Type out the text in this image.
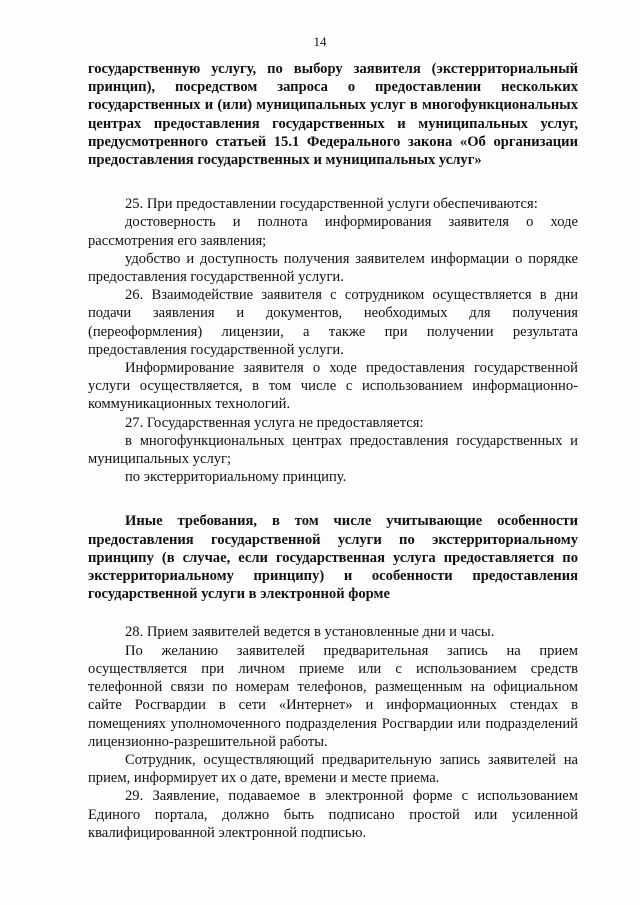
14

государственную услугу, по выбору заявителя (экстерриториальный принцип), посредством запроса о предоставлении нескольких государственных и (или) муниципальных услуг в многофункциональных центрах предоставления государственных и муниципальных услуг, предусмотренного статьей 15.1 Федерального закона «Об организации предоставления государственных и муниципальных услуг»

25. При предоставлении государственной услуги обеспечиваются:

достоверность и полнота информирования заявителя о ходе рассмотрения его заявления;

удобство и доступность получения заявителем информации о порядке предоставления государственной услуги.

26. Взаимодействие заявителя с сотрудником осуществляется в дни подачи заявления и документов, необходимых для получения (переоформления) лицензии, а также при получении результата предоставления государственной услуги.

Информирование заявителя о ходе предоставления государственной услуги осуществляется, в том числе с использованием информационно-коммуникационных технологий.

27. Государственная услуга не предоставляется:

в многофункциональных центрах предоставления государственных и муниципальных услуг;

по экстерриториальному принципу.

Иные требования, в том числе учитывающие особенности предоставления государственной услуги по экстерриториальному принципу (в случае, если государственная услуга предоставляется по экстерриториальному принципу) и особенности предоставления государственной услуги в электронной форме

28. Прием заявителей ведется в установленные дни и часы.

По желанию заявителей предварительная запись на прием осуществляется при личном приеме или с использованием средств телефонной связи по номерам телефонов, размещенным на официальном сайте Росгвардии в сети «Интернет» и информационных стендах в помещениях уполномоченного подразделения Росгвардии или подразделений лицензионно-разрешительной работы.

Сотрудник, осуществляющий предварительную запись заявителей на прием, информирует их о дате, времени и месте приема.

29. Заявление, подаваемое в электронной форме с использованием Единого портала, должно быть подписано простой или усиленной квалифицированной электронной подписью.
